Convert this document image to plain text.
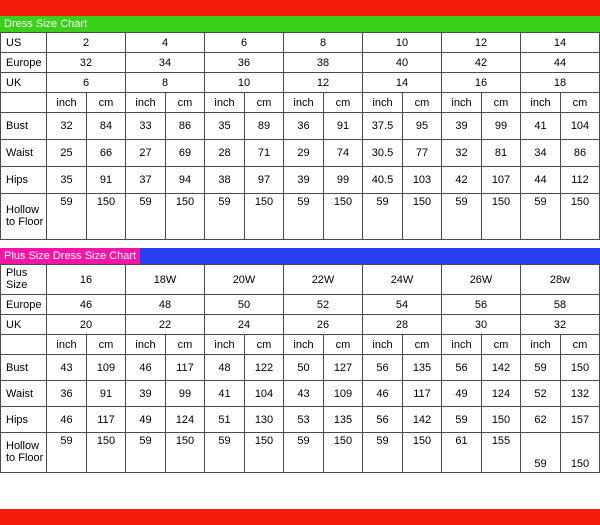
Dress Size Chart
US	2		4		6		8		10		12		14	
Europe	32		34		36		38		40		42		44	
UK	6		8		10		12		14		16		18	
	inch	cm	inch	cm	inch	cm	inch	cm	inch	cm	inch	cm	inch	cm
Bust	32	84	33	86	35	89	36	91	37.5	95	39	99	41	104
Waist	25	66	27	69	28	71	29	74	30.5	77	32	81	34	86
Hips	35	91	37	94	38	97	39	99	40.5	103	42	107	44	112

Hollow
to Floor	59	150	59	150	59	150	59	150	59	150	59	150	59	150
Plus Size Dress Size Chart
Plus
Size	16		18W		20W		22W		24W		26W		28w	
Europe	46		48		50		52		54		56		58	
UK	20		22		24		26		28		30		32	
	inch	cm	inch	cm	inch	cm	inch	cm	inch	cm	inch	cm	inch	cm
Bust	43	109	46	117	48	122	50	127	56	135	56	142	59	150
Waist	36	91	39	99	41	104	43	109	46	117	49	124	52	132
Hips	46	117	49	124	51	130	53	135	56	142	59	150	62	157

Hollow
to Floor	59	150	59	150	59	150	59	150	59	150	61	155	59	150
